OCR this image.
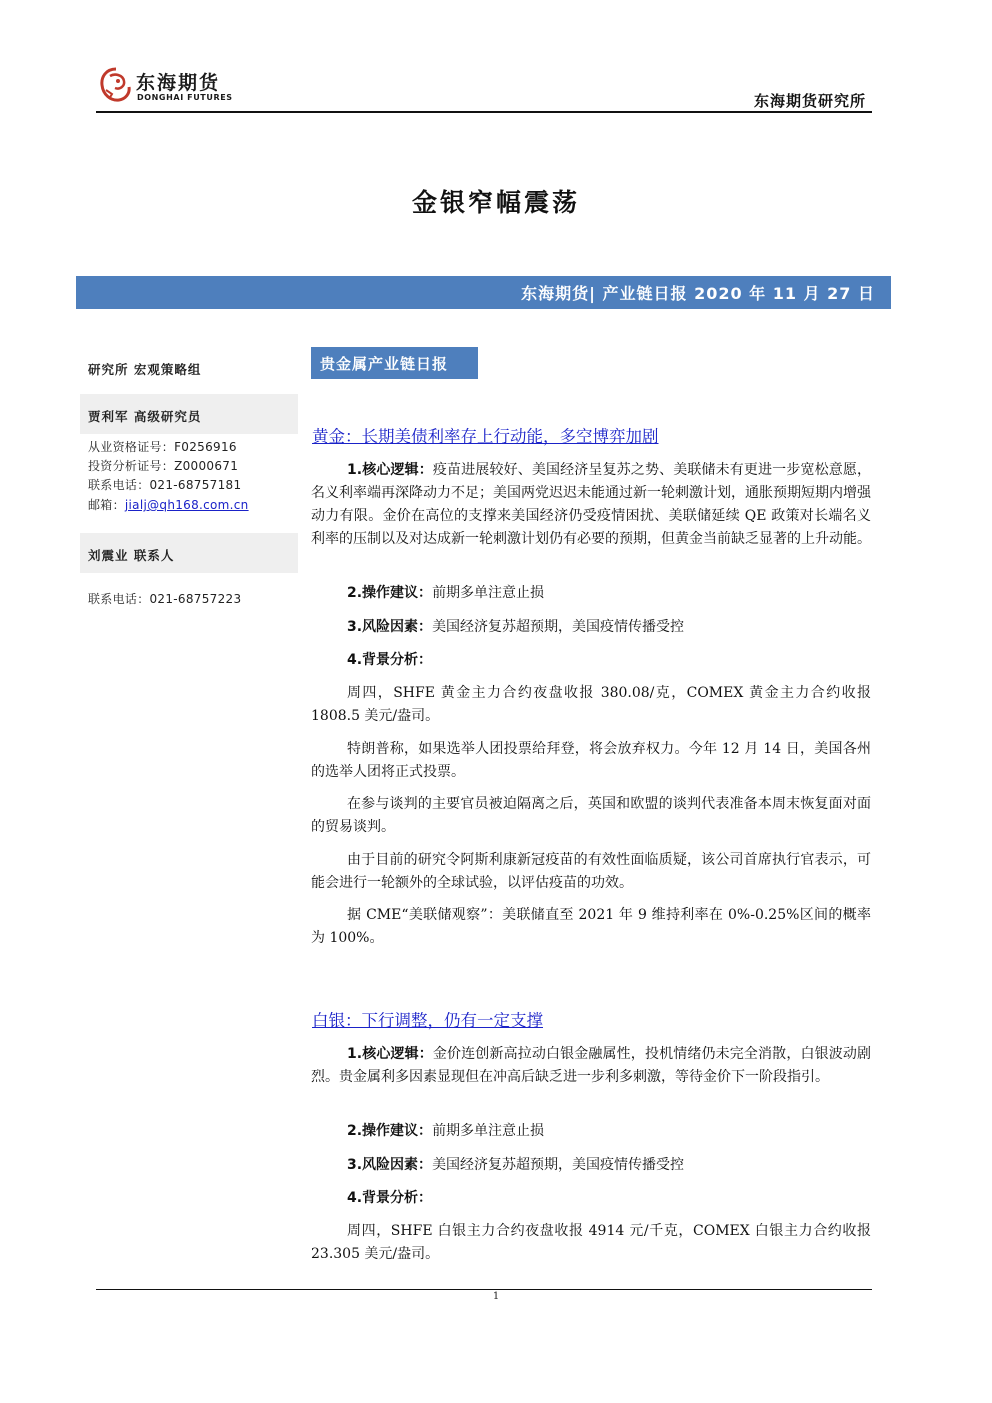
东海期货
DONGHAI FUTURES	东海期货研究所
金银窄幅震荡
东海期货| 产业链日报 2020 年 11 月 27 日
研究所 宏观策略组
贾利军 高级研究员
从业资格证号：F0256916
投资分析证号：Z0000671
联系电话：021-68757181
邮箱：jialj@qh168.com.cn
刘震业 联系人
联系电话：021-68757223
贵金属产业链日报
黄金：长期美债利率存上行动能，多空博弈加剧
1.核心逻辑：疫苗进展较好、美国经济呈复苏之势、美联储未有更进一步宽松意愿，名义利率端再深降动力不足；美国两党迟迟未能通过新一轮刺激计划，通胀预期短期内增强动力有限。金价在高位的支撑来美国经济仍受疫情困扰、美联储延续 QE 政策对长端名义利率的压制以及对达成新一轮刺激计划仍有必要的预期，但黄金当前缺乏显著的上升动能。
2.操作建议：前期多单注意止损
3.风险因素：美国经济复苏超预期，美国疫情传播受控
4.背景分析：
周四，SHFE 黄金主力合约夜盘收报 380.08/克，COMEX 黄金主力合约收报 1808.5 美元/盎司。
特朗普称，如果选举人团投票给拜登，将会放弃权力。今年 12 月 14 日，美国各州的选举人团将正式投票。
在参与谈判的主要官员被迫隔离之后，英国和欧盟的谈判代表准备本周末恢复面对面的贸易谈判。
由于目前的研究令阿斯利康新冠疫苗的有效性面临质疑，该公司首席执行官表示，可能会进行一轮额外的全球试验，以评估疫苗的功效。
据 CME“美联储观察”：美联储直至 2021 年 9 维持利率在 0%-0.25%区间的概率为 100%。
白银：下行调整，仍有一定支撑
1.核心逻辑：金价连创新高拉动白银金融属性，投机情绪仍未完全消散，白银波动剧烈。贵金属利多因素显现但在冲高后缺乏进一步利多刺激，等待金价下一阶段指引。
2.操作建议：前期多单注意止损
3.风险因素：美国经济复苏超预期，美国疫情传播受控
4.背景分析：
周四，SHFE 白银主力合约夜盘收报 4914 元/千克，COMEX 白银主力合约收报 23.305 美元/盎司。
1
